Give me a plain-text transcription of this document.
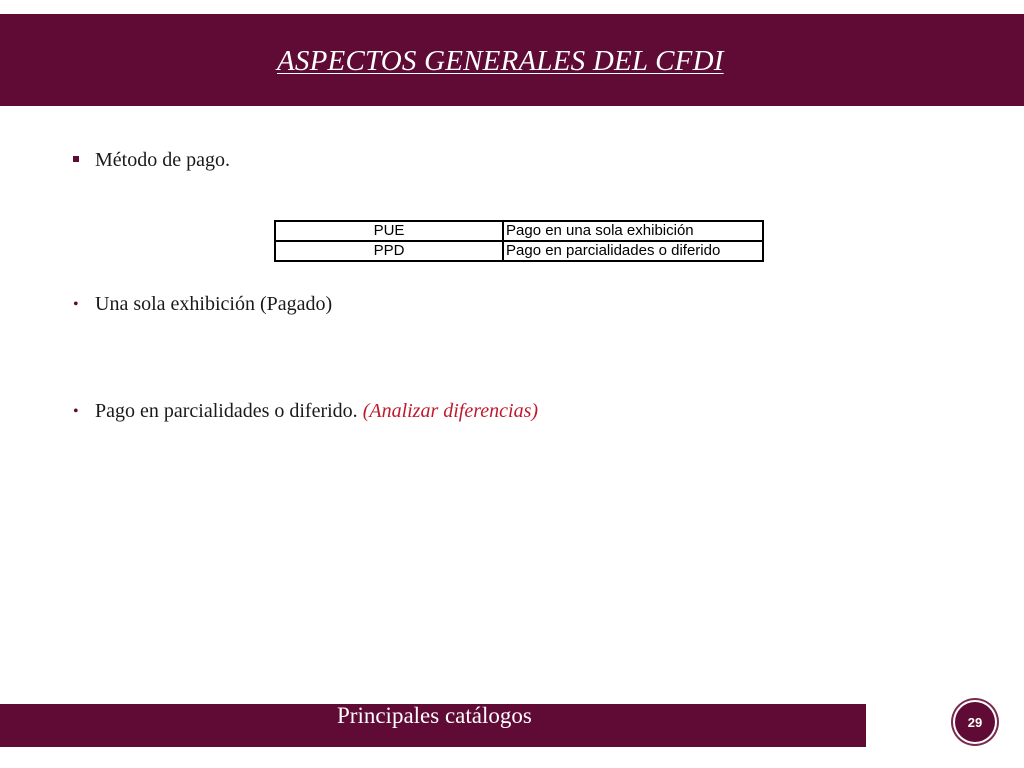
ASPECTOS GENERALES DEL CFDI
Método de pago.
PUE	Pago en una sola exhibición
PPD	Pago en parcialidades o diferido
• Una sola exhibición (Pagado)
• Pago en parcialidades o diferido. (Analizar diferencias)
Principales catálogos	29
